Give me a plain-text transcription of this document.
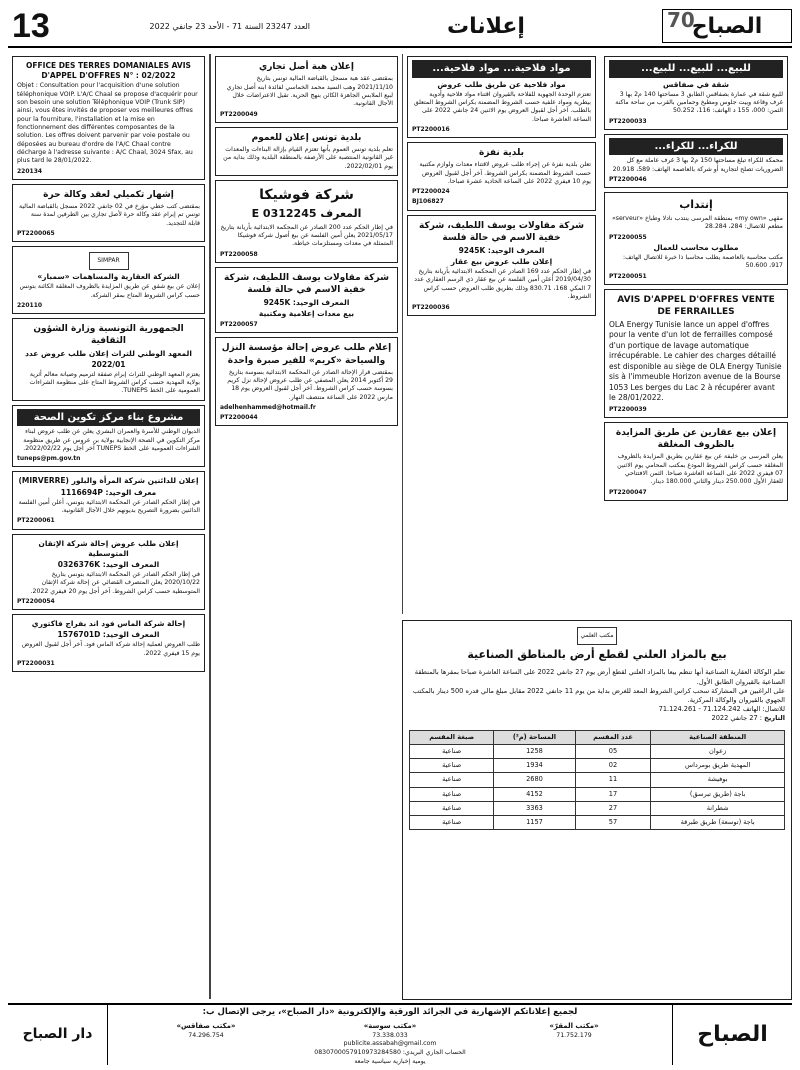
13	العدد 23247 السنة 71 - الأحد 23 جانفي 2022	إعلانات	70
الصباح
للبيع... للبيع... للبيع...
شقة في صفاقس

للبيع شقة في عمارة بصفاقس الطابق 3 مساحتها 140 م2 بها 3 غرف وقاعة وبيت جلوس ومطبخ وحمامين بالقرب من ساحة ماكنة الثمن: 000، 155 د الهاتف: 116، 50.252

PT2200033
للكراء... للكراء...

محمكة للكراء تبلغ مساحتها 150 م2 بها 3 غرف عاملة مع كل الضروريات تصلح لتجارية أو شركة بالعاصمة الهاتف: 589، 20.918

PT2200046
إنتداب

مقهى «my own» بمنطقة المرسى ينتدب نادلا وطباخ «serveur» مطعم للاتصال: 284، 28.284

PT2200055
مطلوب محاسب للعمال

مكتب محاسبة بالعاصمة يطلب محاسبا ذا خبرة للاتصال الهاتف: 917، 50.600

PT2200051
AVIS D'APPEL D'OFFRES VENTE DE FERRAILLES

OLA Energy Tunisie lance un appel d'offres pour la vente d'un lot de ferrailles composé d'un portique de lavage automatique irrécupérable. Le cahier des charges détaillé est disponible au siège de OLA Energy Tunisie sis à l'immeuble Horizon avenue de la Bourse 1053 Les berges du Lac 2 à récupérer avant le 28/01/2022.

PT2200039
إعلان بيع عقارين عن طريق المزايدة بالظروف المغلقة

يعلن المرسى بن خليفة عن بيع عقارين بطريق المزايدة بالظروف المغلقة حسب كراس الشروط المودع بمكتب المحامي يوم الاثنين 07 فيفري 2022 على الساعة العاشرة صباحا. الثمن الافتتاحي للعقار الأول 250.000 دينار والثاني 180.000 دينار.

PT2200047
مواد فلاحية... مواد فلاحية...
مواد فلاحية عن طريق طلب عروض

تعتزم الوحدة الجهوية للفلاحة بالقيروان اقتناء مواد فلاحية وأدوية بيطرية ومواد علفية حسب الشروط المضمنة بكراس الشروط المتعلق بالطلب. آخر أجل لقبول العروض يوم الاثنين 24 جانفي 2022 على الساعة العاشرة صباحا.

PT2200016
بلدية نفزة

تعلن بلدية نفزة عن إجراء طلب عروض لاقتناء معدات ولوازم مكتبية حسب الشروط المضمنة بكراس الشروط. آخر أجل لقبول العروض يوم 10 فيفري 2022 على الساعة الحادية عشرة صباحا.

PT2200024
BJ106827
شركة مقاولات يوسف اللطيف، شركة خفية الاسم في حالة فلسة
المعرف الوحيد: 9245K
إعلان طلب عروض بيع عقار

في إطار الحكم عدد 169 الصادر عن المحكمة الابتدائية بأريانة بتاريخ 2019/04/30 أعلن أمين الفلسة عن بيع عقار ذي الرسم العقاري عدد 7 المكي 168، 830.71 وذلك بطريق طلب العروض حسب كراس الشروط.

PT2200036
إعلان هبة أصل تجاري

بمقتضى عقد هبة مسجل بالقباضة المالية تونس بتاريخ 2021/11/10 وهب السيد محمد الخماسي لفائدة ابنه أصل تجاري لبيع الملابس الجاهزة الكائن بنهج الحرية. تقبل الاعتراضات خلال الآجال القانونية.

PT2200049
بلدية تونس إعلان للعموم

تعلم بلدية تونس العموم بأنها تعتزم القيام بإزالة البناءات والمعدات غير القانونية المنتصبة على الأرصفة بالمنطقة البلدية وذلك بداية من يوم 2022/02/01.

شركة فوشيكا
المعرف 0312245 E

في إطار الحكم عدد 200 الصادر عن المحكمة الابتدائية بأريانة بتاريخ 2021/05/17 يعلن أمين الفلسة عن بيع أصول شركة فوشيكا المتمثلة في معدات ومستلزمات خياطة.

PT2200058
شركة مقاولات يوسف اللطيف، شركة خفية الاسم في حالة فلسة
المعرف الوحيد: 9245K
بيع معدات إعلامية ومكتبية
PT2200057
إعلام طلب عروض إحالة مؤسسة النزل والسياحة «كريم» للفير صبرة واحدة

بمقتضى قرار الإحالة الصادر عن المحكمة الابتدائية بسوسة بتاريخ 29 أكتوبر 2014 يعلن المصفي عن طلب عروض لإحالة نزل كريم بسوسة حسب كراس الشروط. آخر أجل لقبول العروض يوم 18 مارس 2022 على الساعة منتصف النهار.

adelhenhammed@hotmail.fr
PT2200044
OFFICE DES TERRES DOMANIALES AVIS D'APPEL D'OFFRES N° : 02/2022

Objet : Consultation pour l'acquisition d'une solution téléphonique VOIP. L'A/C Chaal se propose d'acquérir pour son besoin une solution Téléphonique VOIP (Trunk SIP) ainsi, vous êtes invités de proposer vos meilleures offres pour la fourniture, l'installation et la mise en fonctionnement des différentes composantes de la solution. Les offres doivent parvenir par voie postale ou déposées au bureau d'ordre de l'A/C Chaal contre décharge à l'adresse suivante : A/C Chaal, 3024 Sfax, au plus tard le 28/01/2022.

220134
إشهار تكميلي لعقد وكالة حرة

بمقتضى كتب خطي مؤرخ في 02 جانفي 2022 مسجل بالقباضة المالية تونس تم إبرام عقد وكالة حرة لأصل تجاري بين الطرفين لمدة سنة قابلة للتجديد.

PT2200065
SIMPAR
الشركة العقارية والمساهمات «سمبار»

إعلان عن بيع شقق عن طريق المزايدة بالظروف المغلقة الكائنة بتونس حسب كراس الشروط المتاح بمقر الشركة.

220110
الجمهورية التونسية وزارة الشؤون الثقافية
المعهد الوطني للتراث إعلان طلب عروض عدد 2022/01

يعتزم المعهد الوطني للتراث إبرام صفقة لترميم وصيانة معالم أثرية بولاية المهدية حسب كراس الشروط المتاح على منظومة الشراءات العمومية على الخط TUNEPS.

مشروع بناء مركز تكوين الصحة

الديوان الوطني للأسرة والعمران البشري يعلن عن طلب عروض لبناء مركز التكوين في الصحة الإنجابية بولاية بن عروس عن طريق منظومة الشراءات العمومية على الخط TUNEPS آخر أجل يوم 2022/02/22.

tuneps@pm.gov.tn
إعلان للدائنين شركة المرأة والبلور (MIRVERRE)
معرف الوحيد: 1116694P

في إطار الحكم الصادر عن المحكمة الابتدائية بتونس، أعلن أمين الفلسة الدائنين بضرورة التصريح بديونهم خلال الآجال القانونية.

PT2200061
إعلان طلب عروض إحالة شركة الإتقان المتوسطية
المعرف الوحيد: 0326376K

في إطار الحكم الصادر عن المحكمة الابتدائية بتونس بتاريخ 2020/10/22 يعلن المتصرف القضائي عن إحالة شركة الإتقان المتوسطية حسب كراس الشروط. آخر أجل يوم 20 فيفري 2022.

PT2200054
إحالة شركة الماس فود اند بفراج فاكتوري
المعرف الوحيد: 1576701D

طلب العروض لعملية إحالة شركة الماس فود. آخر أجل لقبول العروض يوم 15 فيفري 2022.

PT2200031
مكتب العلمي
بيع بالمزاد العلني لقطع أرض بالمناطق الصناعية

تعلم الوكالة العقارية الصناعية أنها تنظم بيعا بالمزاد العلني لقطع أرض يوم 27 جانفي 2022 على الساعة العاشرة صباحا بمقرها بالمنطقة الصناعية بالقيروان الطابق الأول.

على الراغبين في المشاركة سحب كراس الشروط المعد للغرض بداية من يوم 11 جانفي 2022 مقابل مبلغ مالي قدره 500 دينار بالمكتب الجهوي بالقيروان والوكالة المركزية.

للاتصال: الهاتف 71.124.242 - 71.124.261

التاريخ : 27 جانفي 2022

المنطقة الصناعية	عدد المقسم	المساحة (م²)	صبغة المقسم
زعوان	05	1258	صناعية
المهدية طريق بومرداس	02	1934	صناعية
بوفيشة	11	2680	صناعية
باجة (طريق تبرسق)	17	4152	صناعية
شطرانة	27	3363	صناعية
باجة (توسعة) طريق طبرقة	57	1157	صناعية
الصباح
لجميع إعلاناتكم الإشهارية في الجرائد الورقية والإلكترونية «دار الصباح»، يرجى الإتصال ب:
«مكتب المقرّ»
71.752.179
«مكتب سوسة»
73.338.033
«مكتب صفاقس»
74.296.754
publicite.assabah@gmail.com
الحساب الجاري البريدي: 0830700057910973284580
يومية إخبارية سياسية جامعة
دار الصباح
